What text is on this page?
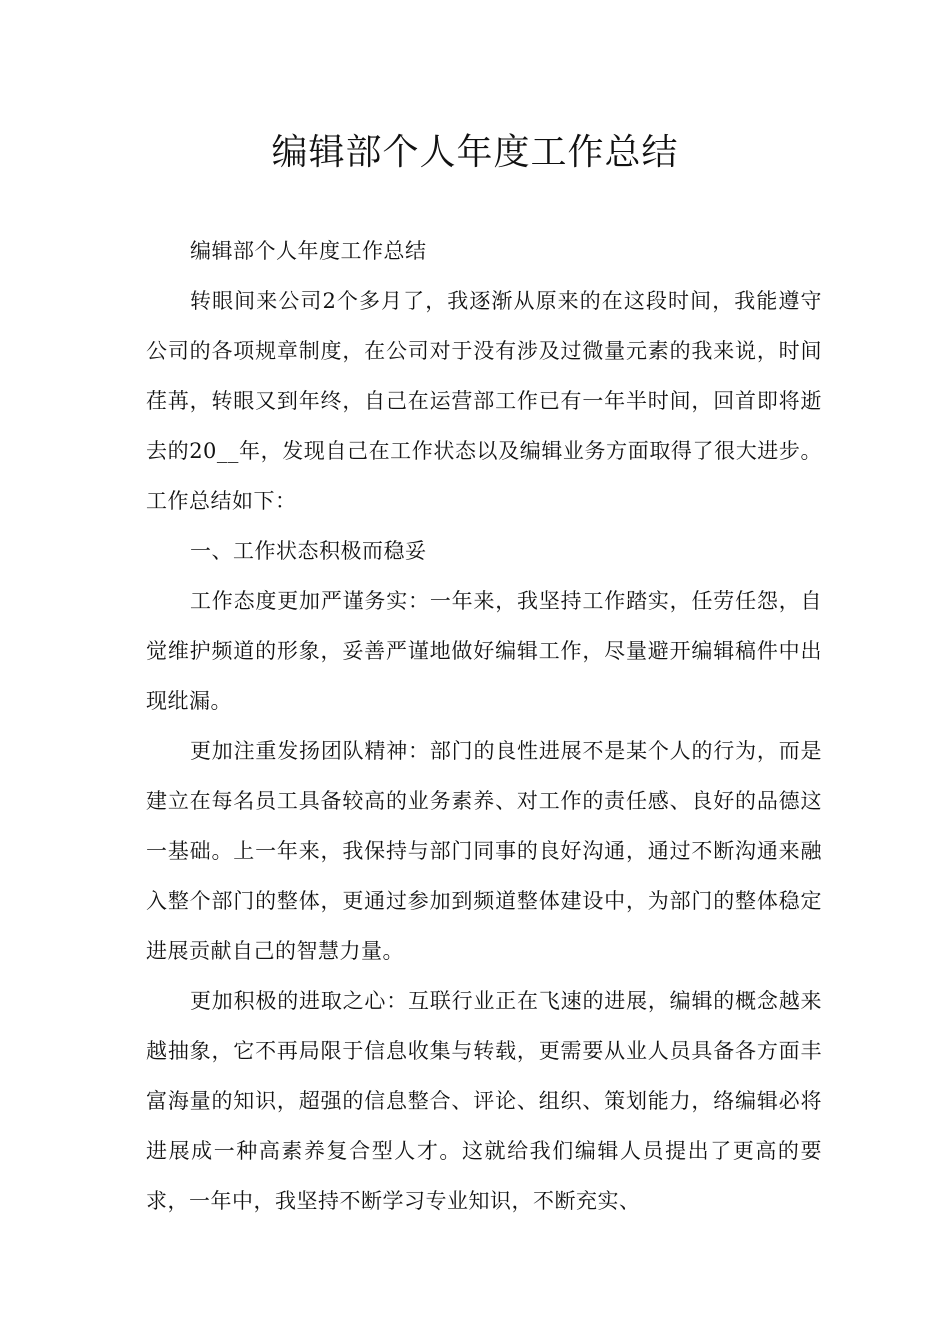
编辑部个人年度工作总结

编辑部个人年度工作总结

转眼间来公司2个多月了，我逐渐从原来的在这段时间，我能遵守公司的各项规章制度，在公司对于没有涉及过微量元素的我来说，时间荏苒，转眼又到年终，自己在运营部工作已有一年半时间，回首即将逝去的20__年，发现自己在工作状态以及编辑业务方面取得了很大进步。工作总结如下：

一、工作状态积极而稳妥

工作态度更加严谨务实：一年来，我坚持工作踏实，任劳任怨，自觉维护频道的形象，妥善严谨地做好编辑工作，尽量避开编辑稿件中出现纰漏。

更加注重发扬团队精神：部门的良性进展不是某个人的行为，而是建立在每名员工具备较高的业务素养、对工作的责任感、良好的品德这一基础。上一年来，我保持与部门同事的良好沟通，通过不断沟通来融入整个部门的整体，更通过参加到频道整体建设中，为部门的整体稳定进展贡献自己的智慧力量。

更加积极的进取之心：互联行业正在飞速的进展，编辑的概念越来越抽象，它不再局限于信息收集与转载，更需要从业人员具备各方面丰富海量的知识，超强的信息整合、评论、组织、策划能力，络编辑必将进展成一种高素养复合型人才。这就给我们编辑人员提出了更高的要求，一年中，我坚持不断学习专业知识，不断充实、
